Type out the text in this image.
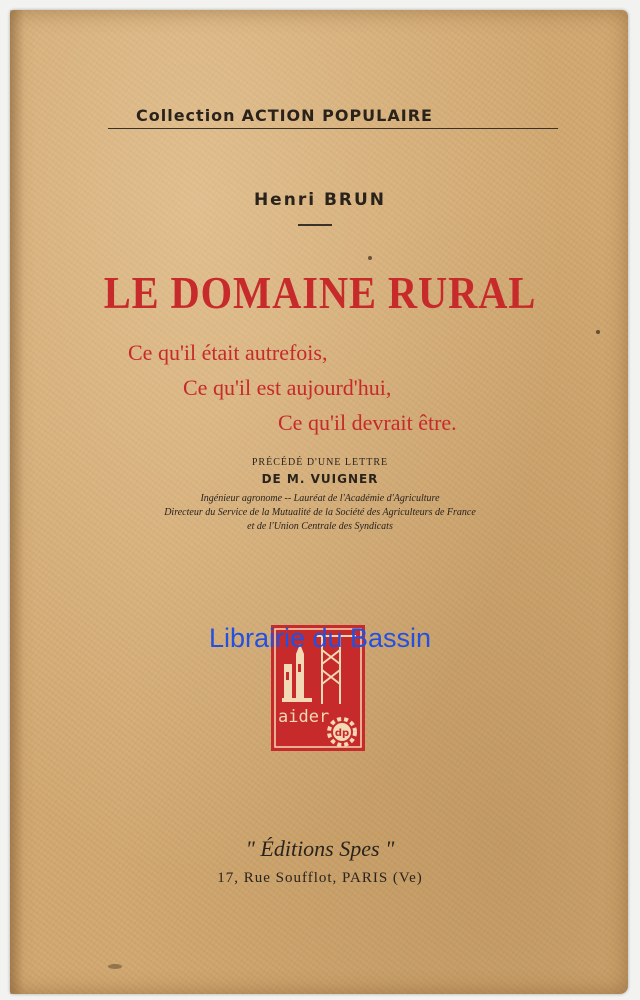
Collection ACTION POPULAIRE
Henri BRUN
LE DOMAINE RURAL
Ce qu'il était autrefois,
Ce qu'il est aujourd'hui,
Ce qu'il devrait être.
PRÉCÉDÉ D'UNE LETTRE
DE M. VUIGNER
Ingénieur agronome -- Lauréat de l'Académie d'Agriculture
Directeur du Service de la Mutualité de la Société des Agriculteurs de France
et de l'Union Centrale des Syndicats
aider
dp
Librairie du Bassin
" Éditions Spes "
17, Rue Soufflot, PARIS (Ve)
